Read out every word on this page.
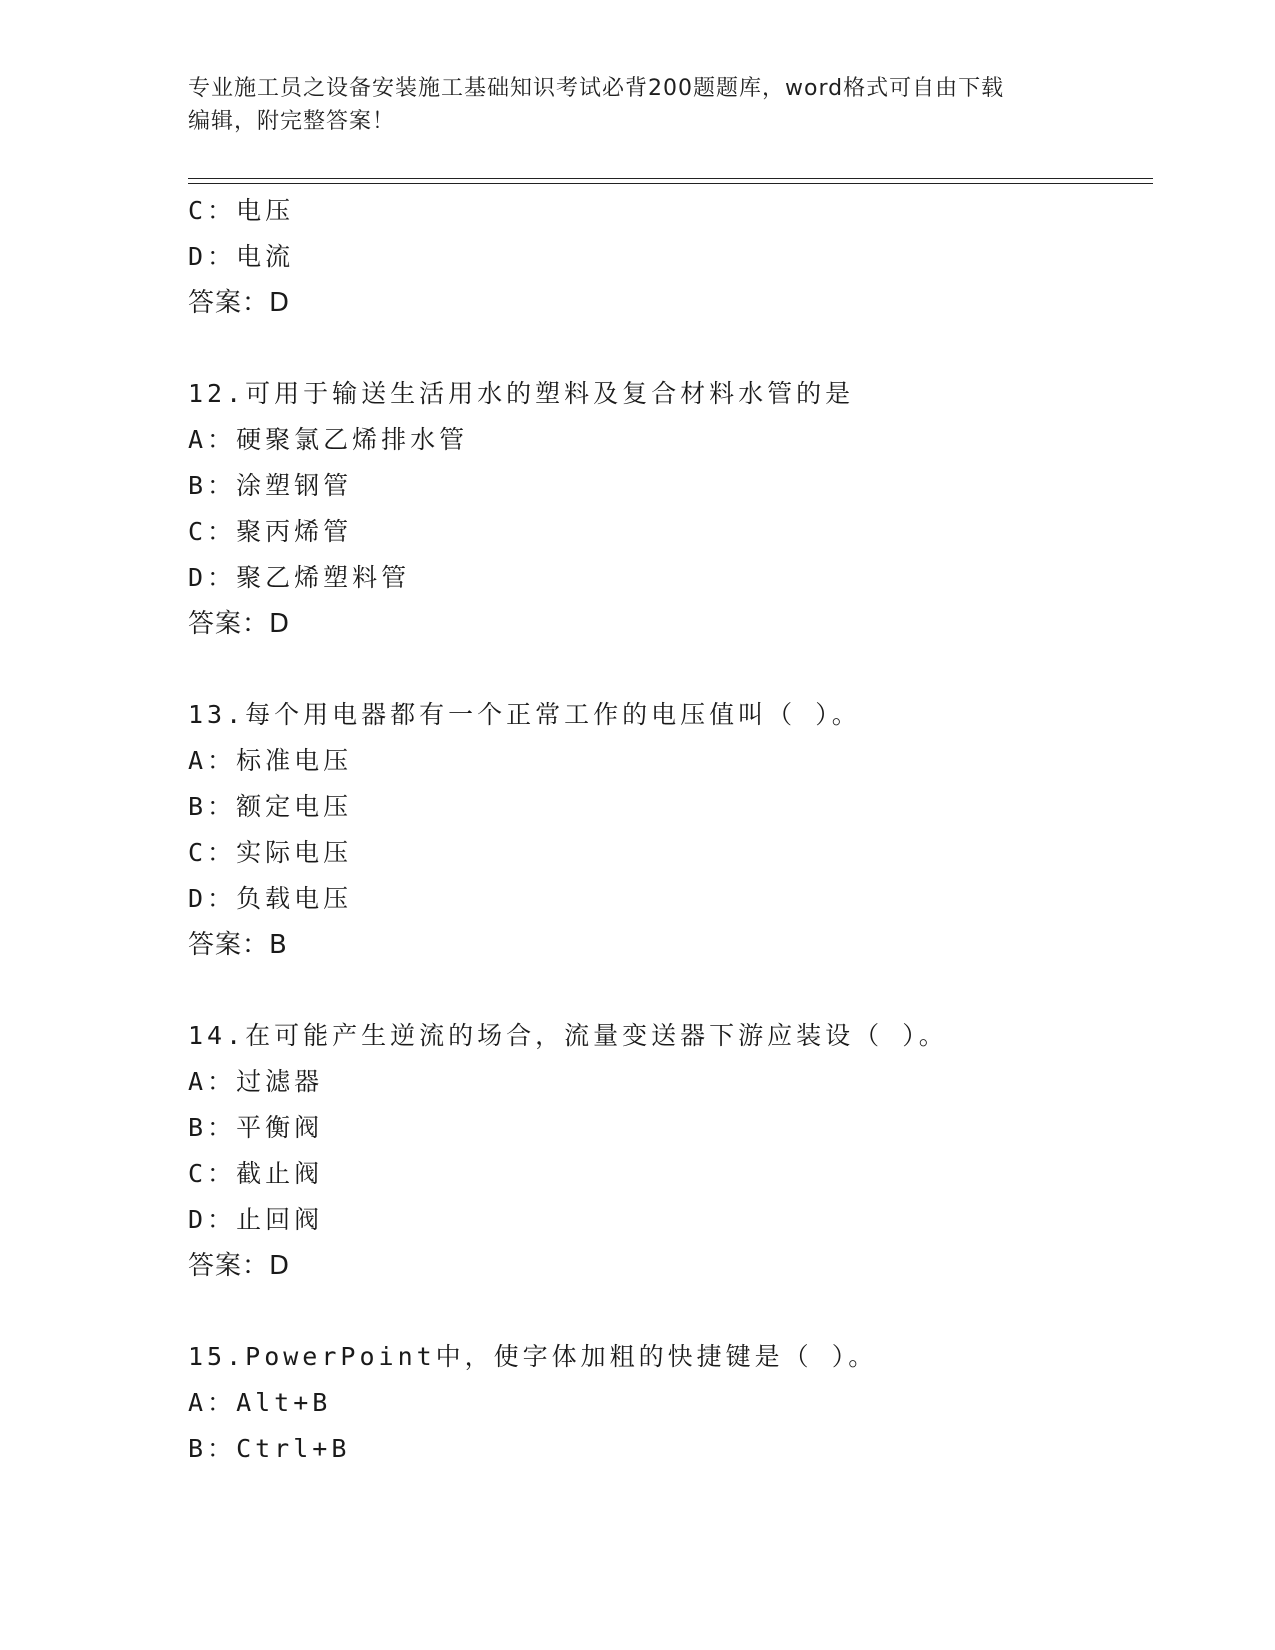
专业施工员之设备安装施工基础知识考试必背200题题库，word格式可自由下载
编辑，附完整答案！
C：电压
D：电流
答案：D
12.可用于输送生活用水的塑料及复合材料水管的是
A：硬聚氯乙烯排水管
B：涂塑钢管
C：聚丙烯管
D：聚乙烯塑料管
答案：D
13.每个用电器都有一个正常工作的电压值叫（ ）。
A：标准电压
B：额定电压
C：实际电压
D：负载电压
答案：B
14.在可能产生逆流的场合，流量变送器下游应装设（ ）。
A：过滤器
B：平衡阀
C：截止阀
D：止回阀
答案：D
15.PowerPoint中，使字体加粗的快捷键是（ ）。
A：Alt+B
B：Ctrl+B
